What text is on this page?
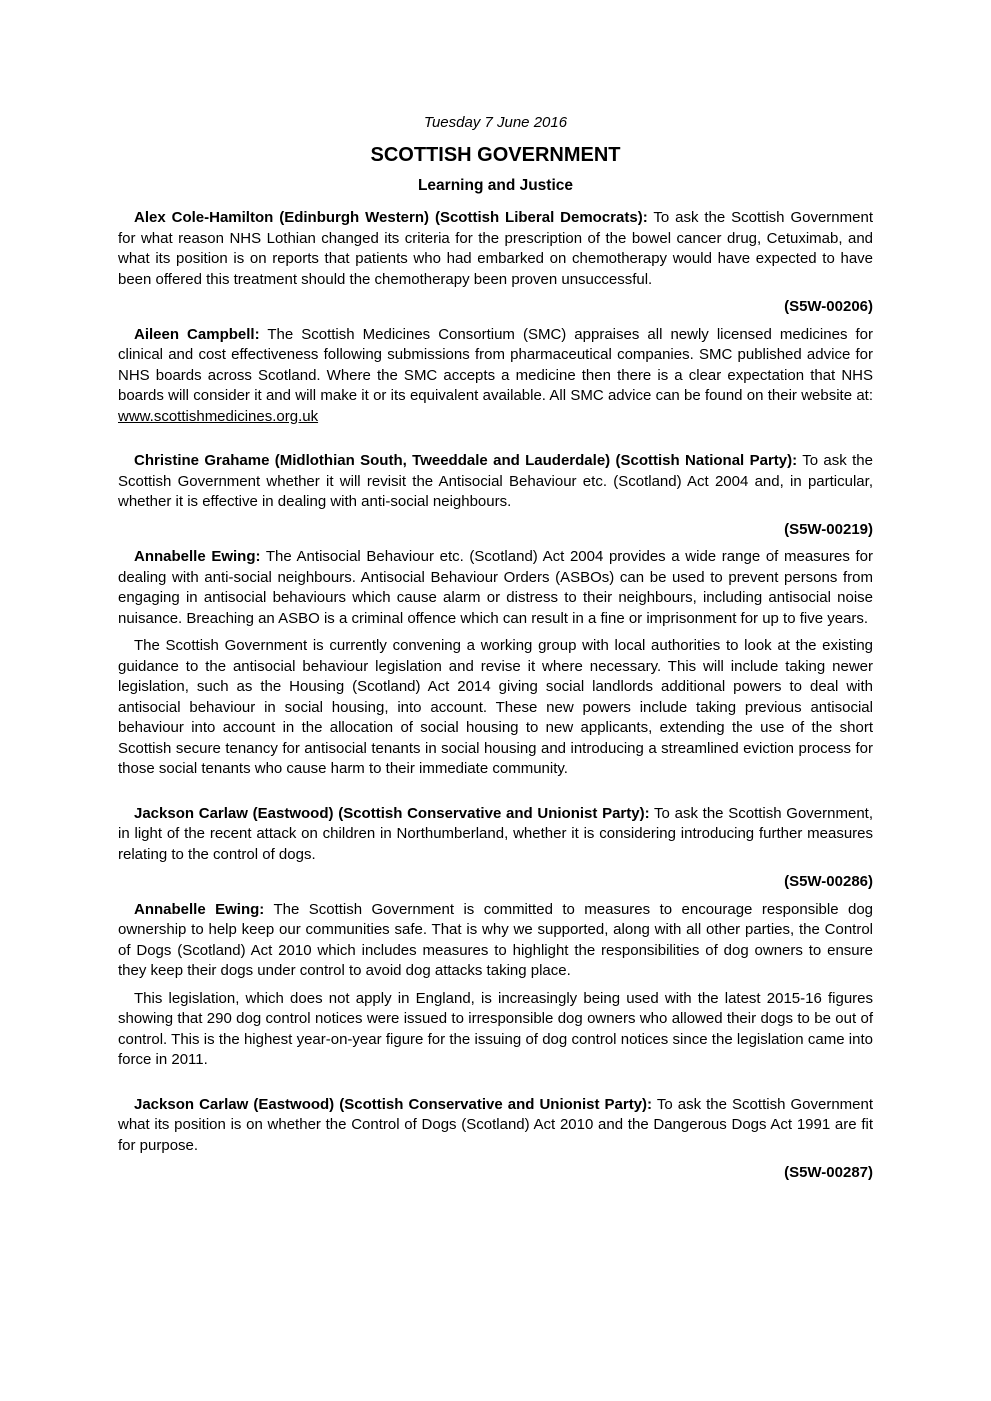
Tuesday 7 June 2016

SCOTTISH GOVERNMENT
Learning and Justice

Alex Cole-Hamilton (Edinburgh Western) (Scottish Liberal Democrats): To ask the Scottish Government for what reason NHS Lothian changed its criteria for the prescription of the bowel cancer drug, Cetuximab, and what its position is on reports that patients who had embarked on chemotherapy would have expected to have been offered this treatment should the chemotherapy been proven unsuccessful.

(S5W-00206)

Aileen Campbell: The Scottish Medicines Consortium (SMC) appraises all newly licensed medicines for clinical and cost effectiveness following submissions from pharmaceutical companies. SMC published advice for NHS boards across Scotland. Where the SMC accepts a medicine then there is a clear expectation that NHS boards will consider it and will make it or its equivalent available. All SMC advice can be found on their website at: www.scottishmedicines.org.uk

Christine Grahame (Midlothian South, Tweeddale and Lauderdale) (Scottish National Party): To ask the Scottish Government whether it will revisit the Antisocial Behaviour etc. (Scotland) Act 2004 and, in particular, whether it is effective in dealing with anti-social neighbours.

(S5W-00219)

Annabelle Ewing: The Antisocial Behaviour etc. (Scotland) Act 2004 provides a wide range of measures for dealing with anti-social neighbours. Antisocial Behaviour Orders (ASBOs) can be used to prevent persons from engaging in antisocial behaviours which cause alarm or distress to their neighbours, including antisocial noise nuisance. Breaching an ASBO is a criminal offence which can result in a fine or imprisonment for up to five years.

The Scottish Government is currently convening a working group with local authorities to look at the existing guidance to the antisocial behaviour legislation and revise it where necessary. This will include taking newer legislation, such as the Housing (Scotland) Act 2014 giving social landlords additional powers to deal with antisocial behaviour in social housing, into account. These new powers include taking previous antisocial behaviour into account in the allocation of social housing to new applicants, extending the use of the short Scottish secure tenancy for antisocial tenants in social housing and introducing a streamlined eviction process for those social tenants who cause harm to their immediate community.

Jackson Carlaw (Eastwood) (Scottish Conservative and Unionist Party): To ask the Scottish Government, in light of the recent attack on children in Northumberland, whether it is considering introducing further measures relating to the control of dogs.

(S5W-00286)

Annabelle Ewing: The Scottish Government is committed to measures to encourage responsible dog ownership to help keep our communities safe. That is why we supported, along with all other parties, the Control of Dogs (Scotland) Act 2010 which includes measures to highlight the responsibilities of dog owners to ensure they keep their dogs under control to avoid dog attacks taking place.

This legislation, which does not apply in England, is increasingly being used with the latest 2015-16 figures showing that 290 dog control notices were issued to irresponsible dog owners who allowed their dogs to be out of control. This is the highest year-on-year figure for the issuing of dog control notices since the legislation came into force in 2011.

Jackson Carlaw (Eastwood) (Scottish Conservative and Unionist Party): To ask the Scottish Government what its position is on whether the Control of Dogs (Scotland) Act 2010 and the Dangerous Dogs Act 1991 are fit for purpose.

(S5W-00287)
